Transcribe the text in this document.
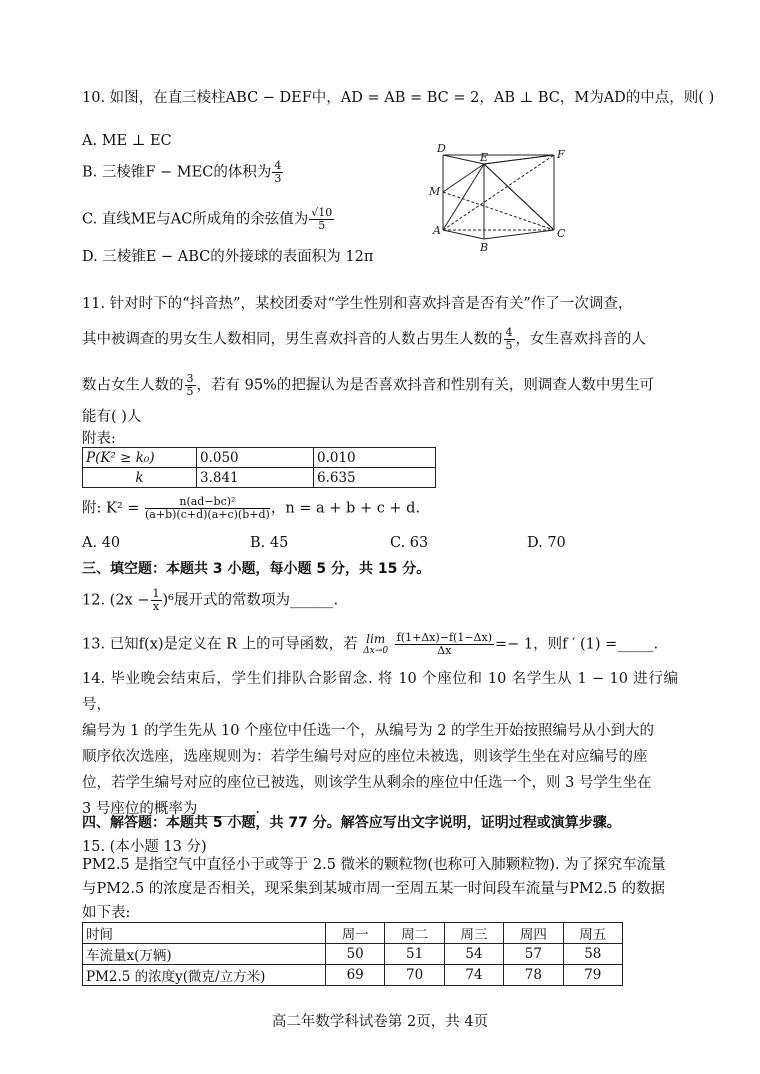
10. 如图，在直三棱柱ABC − DEF中，AD = AB = BC = 2，AB ⊥ BC，M为AD的中点，则( )
A. ME ⊥ EC
B. 三棱锥F − MEC的体积为 $\frac{4}{3}$
C. 直线ME与AC所成角的余弦值为 $\frac{√10}{5}$
D. 三棱锥E − ABC的外接球的表面积为 12π
D
E	F
M
A
B
C
11. 针对时下的“抖音热”，某校团委对“学生性别和喜欢抖音是否有关”作了一次调查，
其中被调查的男女生人数相同，男生喜欢抖音的人数占男生人数的 $\frac{4}{5}$ ，女生喜欢抖音的人
数占女生人数的 $\frac{3}{5}$ ，若有 95%的把握认为是否喜欢抖音和性别有关，则调查人数中男生可
能有( )人
附表:
P(K² ≥ k₀)	0.050	0.010
k	3.841	6.635
附: $K^2 = \frac{\text{n(ad−bc)²}}{(a+b)(c+d)(a+c)(b+d)}$ ，n = a + b + c + d.
A. 40	B. 45	C. 63	D. 70
三、填空题：本题共 3 小题，每小题 5 分，共 15 分。
12. $(2x - \frac{1}{x} )^6$展开式的常数项为______.
13. 已知f(x)是定义在 R 上的可导函数，若 lim
Δx→0
$\frac{f(1+\Delta x)-f(1-\Delta x)}{\Delta x} =- 1$，则f ′ (1) =_____.
14. 毕业晚会结束后，学生们排队合影留念. 将 10 个座位和 10 名学生从 1 − 10 进行编号，
编号为 1 的学生先从 10 个座位中任选一个，从编号为 2 的学生开始按照编号从小到大的
顺序依次选座，选座规则为：若学生编号对应的座位未被选，则该学生坐在对应编号的座
位，若学生编号对应的座位已被选，则该学生从剩余的座位中任选一个，则 3 号学生坐在
3 号座位的概率为________.
四、解答题：本题共 5 小题，共 77 分。解答应写出文字说明，证明过程或演算步骤。
15. (本小题 13 分)
PM2.5 是指空气中直径小于或等于 2.5 微米的颗粒物(也称可入肺颗粒物). 为了探究车流量
与PM2.5 的浓度是否相关，现采集到某城市周一至周五某一时间段车流量与PM2.5 的数据
如下表:
时间	周一	周二	周三	周四	周五
车流量x(万辆)	50	51	54	57	58
PM2.5 的浓度y(微克/立方米)	69	70	74	78	79
高二年数学科试卷第 2页，共 4页
